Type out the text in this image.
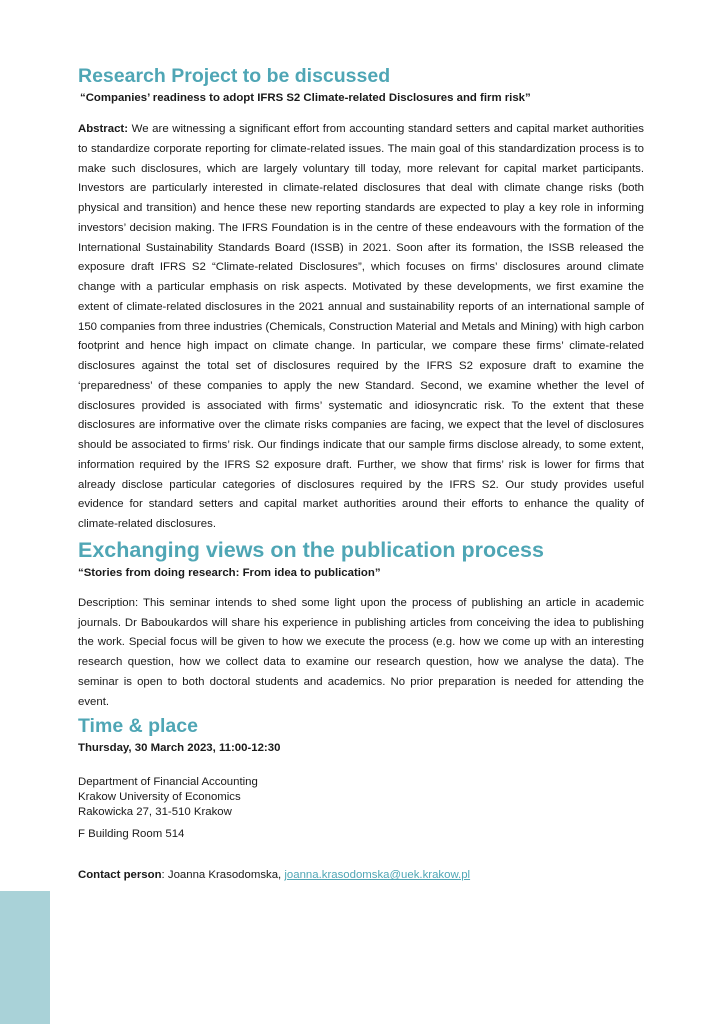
Research Project to be discussed
“Companies’ readiness to adopt IFRS S2 Climate-related Disclosures and firm risk”

Abstract: We are witnessing a significant effort from accounting standard setters and capital market authorities to standardize corporate reporting for climate-related issues. The main goal of this standardization process is to make such disclosures, which are largely voluntary till today, more relevant for capital market participants. Investors are particularly interested in climate-related disclosures that deal with climate change risks (both physical and transition) and hence these new reporting standards are expected to play a key role in informing investors’ decision making. The IFRS Foundation is in the centre of these endeavours with the formation of the International Sustainability Standards Board (ISSB) in 2021. Soon after its formation, the ISSB released the exposure draft IFRS S2 “Climate-related Disclosures”, which focuses on firms’ disclosures around climate change with a particular emphasis on risk aspects. Motivated by these developments, we first examine the extent of climate-related disclosures in the 2021 annual and sustainability reports of an international sample of 150 companies from three industries (Chemicals, Construction Material and Metals and Mining) with high carbon footprint and hence high impact on climate change. In particular, we compare these firms’ climate-related disclosures against the total set of disclosures required by the IFRS S2 exposure draft to examine the ‘preparedness’ of these companies to apply the new Standard. Second, we examine whether the level of disclosures provided is associated with firms’ systematic and idiosyncratic risk. To the extent that these disclosures are informative over the climate risks companies are facing, we expect that the level of disclosures should be associated to firms’ risk. Our findings indicate that our sample firms disclose already, to some extent, information required by the IFRS S2 exposure draft. Further, we show that firms’ risk is lower for firms that already disclose particular categories of disclosures required by the IFRS S2. Our study provides useful evidence for standard setters and capital market authorities around their efforts to enhance the quality of climate-related disclosures.

Exchanging views on the publication process
“Stories from doing research: From idea to publication”

Description: This seminar intends to shed some light upon the process of publishing an article in academic journals. Dr Baboukardos will share his experience in publishing articles from conceiving the idea to publishing the work. Special focus will be given to how we execute the process (e.g. how we come up with an interesting research question, how we collect data to examine our research question, how we analyse the data). The seminar is open to both doctoral students and academics. No prior preparation is needed for attending the event.

Time & place
Thursday, 30 March 2023, 11:00-12:30

Department of Financial Accounting

Krakow University of Economics

Rakowicka 27, 31-510 Krakow

F Building Room 514

Contact person: Joanna Krasodomska, joanna.krasodomska@uek.krakow.pl
